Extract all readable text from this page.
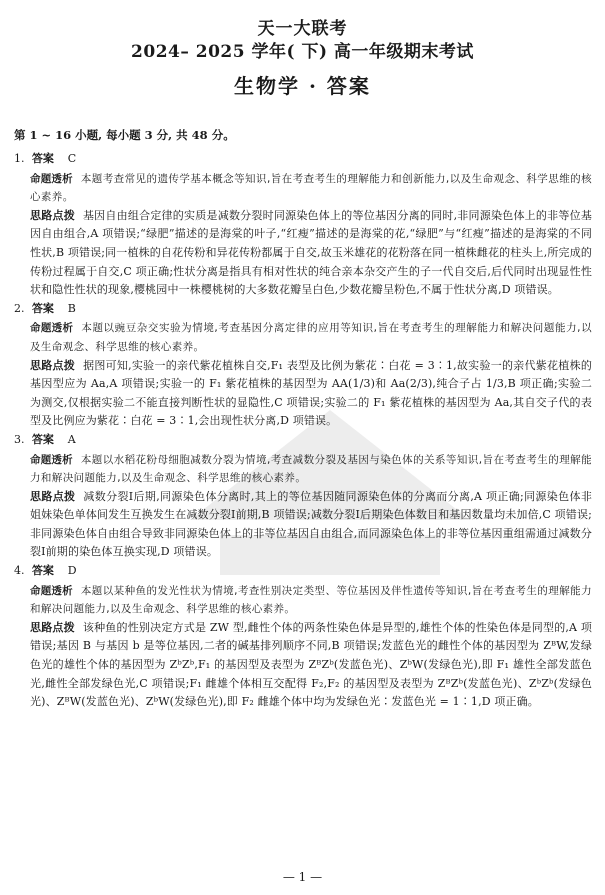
天一大联考
2024– 2025 学年( 下) 高一年级期末考试
生物学 · 答案
第 1 ~ 16 小题, 每小题 3 分, 共 48 分。
1. 答案 C
命题透析 本题考查常见的遗传学基本概念等知识,旨在考查考生的理解能力和创新能力,以及生命观念、科学思维的核心素养。
思路点拨 基因自由组合定律的实质是减数分裂时同源染色体上的等位基因分离的同时,非同源染色体上的非等位基因自由组合,A 项错误;“绿肥”描述的是海棠的叶子,“红瘦”描述的是海棠的花,“绿肥”与“红瘦”描述的是海棠的不同性状,B 项错误;同一植株的自花传粉和异花传粉都属于自交,故玉米雄花的花粉落在同一植株雌花的柱头上,所完成的传粉过程属于自交,C 项正确;性状分离是指具有相对性状的纯合亲本杂交产生的子一代自交后,后代同时出现显性性状和隐性性状的现象,樱桃园中一株樱桃树的大多数花瓣呈白色,少数花瓣呈粉色,不属于性状分离,D 项错误。
2. 答案 B
命题透析 本题以豌豆杂交实验为情境,考查基因分离定律的应用等知识,旨在考查考生的理解能力和解决问题能力,以及生命观念、科学思维的核心素养。
思路点拨 据图可知,实验一的亲代紫花植株自交,F₁ 表型及比例为紫花∶白花 = 3∶1,故实验一的亲代紫花植株的基因型应为 Aa,A 项错误;实验一的 F₁ 紫花植株的基因型为 AA(1/3)和 Aa(2/3),纯合子占 1/3,B 项正确;实验二为测交,仅根据实验二不能直接判断性状的显隐性,C 项错误;实验二的 F₁ 紫花植株的基因型为 Aa,其自交子代的表型及比例应为紫花∶白花 = 3∶1,会出现性状分离,D 项错误。
3. 答案 A
命题透析 本题以水稻花粉母细胞减数分裂为情境,考查减数分裂及基因与染色体的关系等知识,旨在考查考生的理解能力和解决问题能力,以及生命观念、科学思维的核心素养。
思路点拨 减数分裂Ⅰ后期,同源染色体分离时,其上的等位基因随同源染色体的分离而分离,A 项正确;同源染色体非姐妹染色单体间发生互换发生在减数分裂Ⅰ前期,B 项错误;减数分裂Ⅰ后期染色体数目和基因数量均未加倍,C 项错误;非同源染色体自由组合导致非同源染色体上的非等位基因自由组合,而同源染色体上的非等位基因重组需通过减数分裂Ⅰ前期的染色体互换实现,D 项错误。
4. 答案 D
命题透析 本题以某种鱼的发光性状为情境,考查性别决定类型、等位基因及伴性遗传等知识,旨在考查考生的理解能力和解决问题能力,以及生命观念、科学思维的核心素养。
思路点拨 该种鱼的性别决定方式是 ZW 型,雌性个体的两条性染色体是异型的,雄性个体的性染色体是同型的,A 项错误;基因 B 与基因 b 是等位基因,二者的碱基排列顺序不同,B 项错误;发蓝色光的雌性个体的基因型为 ZᴮW,发绿色光的雄性个体的基因型为 ZᵇZᵇ,F₁ 的基因型及表型为 ZᴮZᵇ(发蓝色光)、ZᵇW(发绿色光),即 F₁ 雄性全部发蓝色光,雌性全部发绿色光,C 项错误;F₁ 雌雄个体相互交配得 F₂,F₂ 的基因型及表型为 ZᴮZᵇ(发蓝色光)、ZᵇZᵇ(发绿色光)、ZᴮW(发蓝色光)、ZᵇW(发绿色光),即 F₂ 雌雄个体中均为发绿色光∶发蓝色光 = 1∶1,D 项正确。
— 1 —
